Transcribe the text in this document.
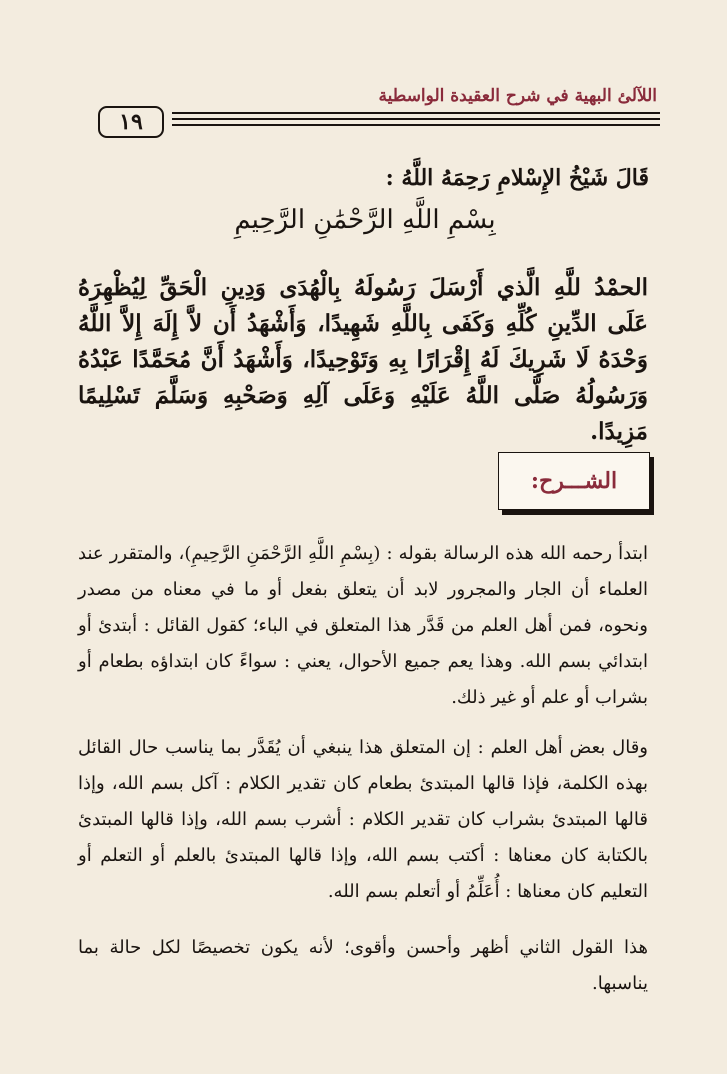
اللآلئ البهية في شرح العقيدة الواسطية
١٩
قَالَ شَيْخُ الإِسْلامِ رَحِمَهُ اللَّهُ :
بِسْمِ اللَّهِ الرَّحْمَٰنِ الرَّحِيمِ
الحمْدُ للَّهِ الَّذي أَرْسَلَ رَسُولَهُ بِالْهُدَى وَدِينِ الْحَقِّ لِيُظْهِرَهُ عَلَى الدِّينِ كُلِّهِ وَكَفَى بِاللَّهِ شَهِيدًا، وَأَشْهَدُ أَن لاَّ إِلَهَ إِلاَّ اللَّهُ وَحْدَهُ لَا شَرِيكَ لَهُ إِقْرَارًا بِهِ وَتَوْحِيدًا، وَأَشْهَدُ أَنَّ مُحَمَّدًا عَبْدُهُ وَرَسُولُهُ صَلَّى اللَّهُ عَلَيْهِ وَعَلَى آلِهِ وَصَحْبِهِ وَسَلَّمَ تَسْلِيمًا مَزِيدًا.
الشـــرح:
ابتدأ رحمه الله هذه الرسالة بقوله : (بِسْمِ اللَّهِ الرَّحْمَنِ الرَّحِيمِ)، والمتقرر عند العلماء أن الجار والمجرور لابد أن يتعلق بفعل أو ما في معناه من مصدر ونحوه، فمن أهل العلم من قَدَّر هذا المتعلق في الباء؛ كقول القائل : أبتدئ أو ابتدائي بسم الله. وهذا يعم جميع الأحوال، يعني : سواءً كان ابتداؤه بطعام أو بشراب أو علم أو غير ذلك.
وقال بعض أهل العلم : إن المتعلق هذا ينبغي أن يُقَدَّر بما يناسب حال القائل بهذه الكلمة، فإذا قالها المبتدئ بطعام كان تقدير الكلام : آكل بسم الله، وإذا قالها المبتدئ بشراب كان تقدير الكلام : أشرب بسم الله، وإذا قالها المبتدئ بالكتابة كان معناها : أكتب بسم الله، وإذا قالها المبتدئ بالعلم أو التعلم أو التعليم كان معناها : أُعَلِّمُ أو أتعلم بسم الله.
هذا القول الثاني أظهر وأحسن وأقوى؛ لأنه يكون تخصيصًا لكل حالة بما يناسبها.
